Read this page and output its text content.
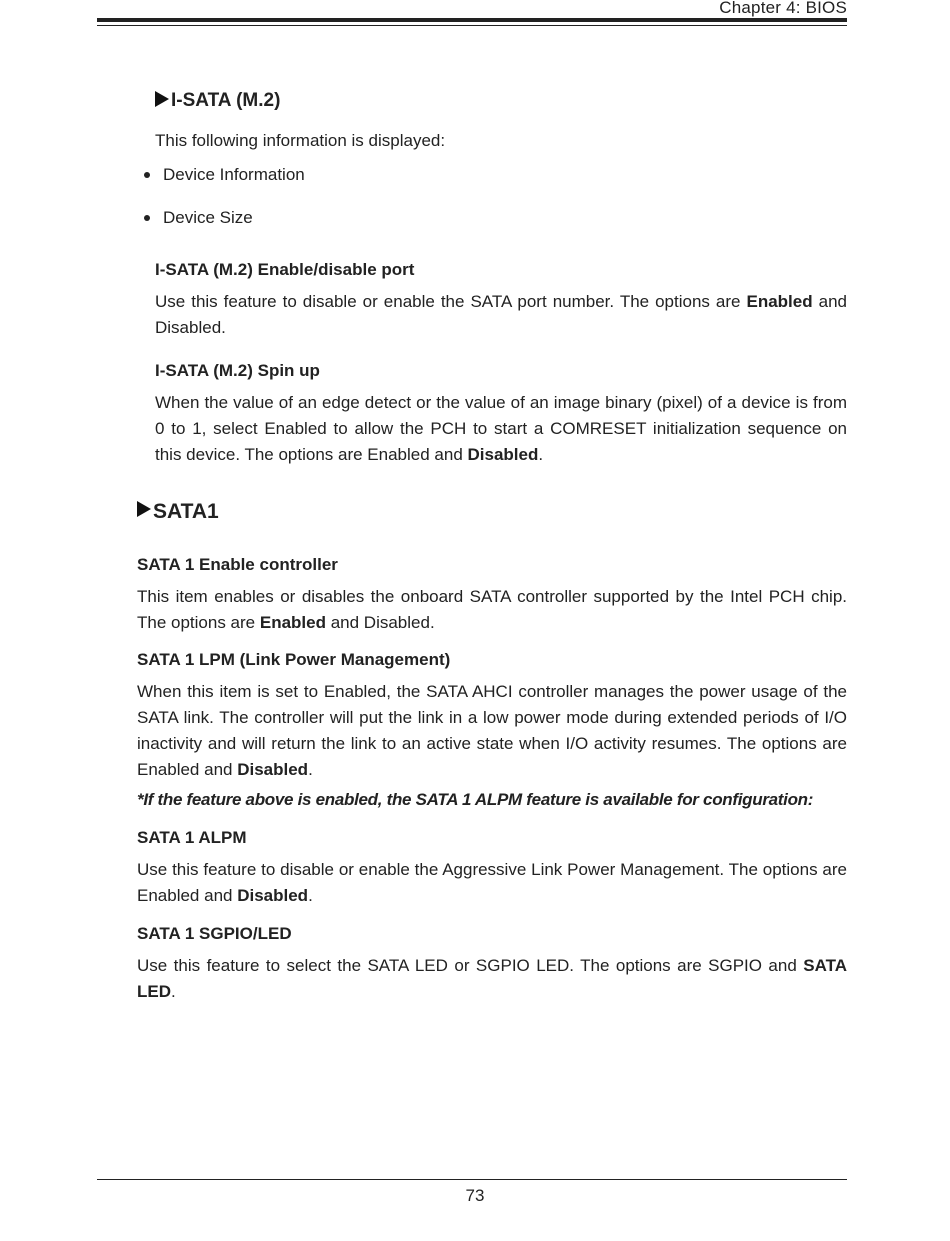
Chapter 4: BIOS
I-SATA (M.2)

This following information is displayed:

Device Information
Device Size

I-SATA (M.2) Enable/disable port

Use this feature to disable or enable the SATA port number. The options are Enabled and Disabled.

I-SATA (M.2) Spin up

When the value of an edge detect or the value of an image binary (pixel) of a device is from 0 to 1, select Enabled to allow the PCH to start a COMRESET initialization sequence on this device. The options are Enabled and Disabled.

SATA1

SATA 1 Enable controller

This item enables or disables the onboard SATA controller supported by the Intel PCH chip. The options are Enabled and Disabled.

SATA 1 LPM (Link Power Management)

When this item is set to Enabled, the SATA AHCI controller manages the power usage of the SATA link. The controller will put the link in a low power mode during extended periods of I/O inactivity and will return the link to an active state when I/O activity resumes. The options are Enabled and Disabled.

*If the feature above is enabled, the SATA 1 ALPM feature is available for configuration:

SATA 1 ALPM

Use this feature to disable or enable the Aggressive Link Power Management. The options are Enabled and Disabled.

SATA 1 SGPIO/LED

Use this feature to select the SATA LED or SGPIO LED. The options are SGPIO and SATA LED.

73
